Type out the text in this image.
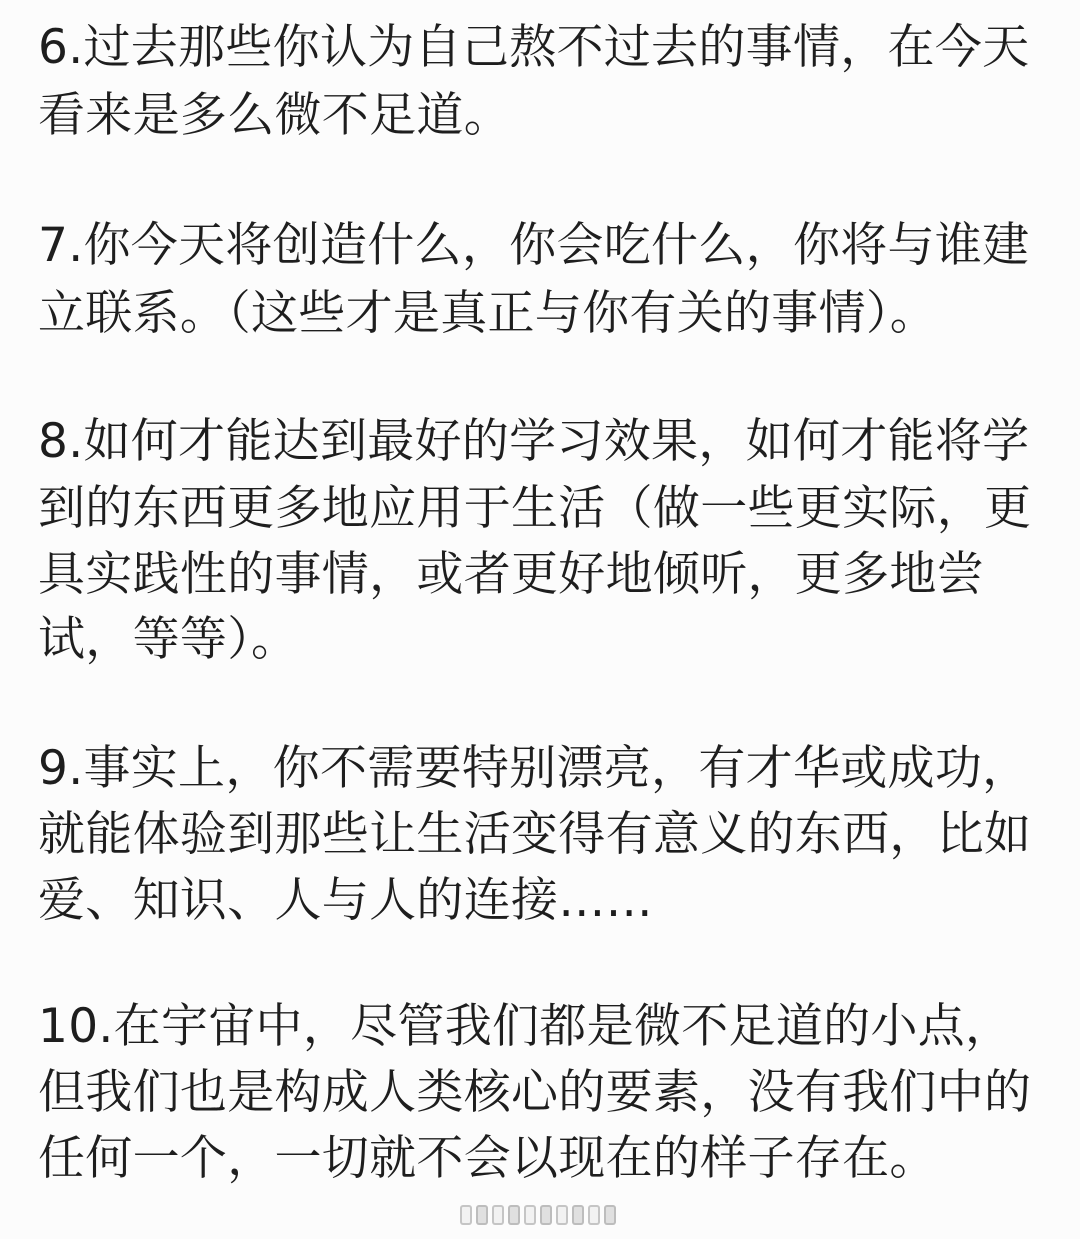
6.过去那些你认为自己熬不过去的事情，在今天
看来是多么微不足道。
7.你今天将创造什么，你会吃什么，你将与谁建
立联系。（这些才是真正与你有关的事情）。
8.如何才能达到最好的学习效果，如何才能将学
到的东西更多地应用于生活（做一些更实际，更
具实践性的事情，或者更好地倾听，更多地尝
试，等等）。
9.事实上，你不需要特别漂亮，有才华或成功，
就能体验到那些让生活变得有意义的东西，比如
爱、知识、人与人的连接……
10.在宇宙中，尽管我们都是微不足道的小点，
但我们也是构成人类核心的要素，没有我们中的
任何一个，一切就不会以现在的样子存在。
